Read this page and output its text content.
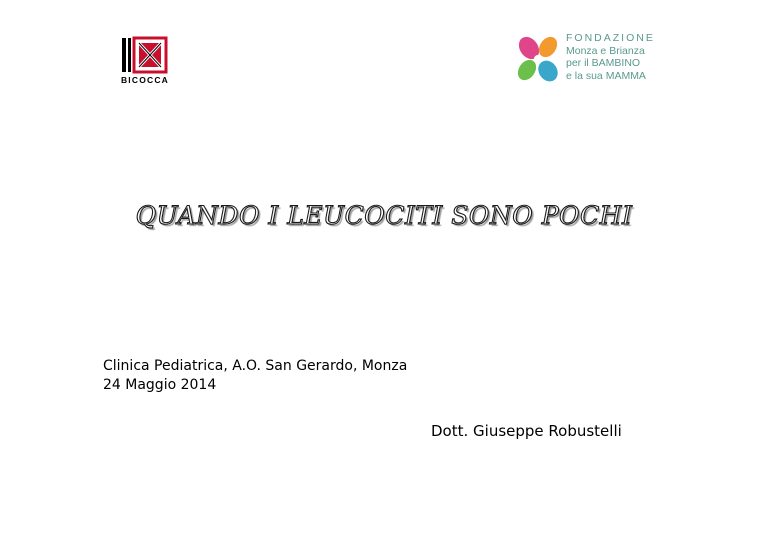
BICOCCA
FONDAZIONE
Monza e Brianza
per il BAMBINO
e la sua MAMMA
QUANDO I LEUCOCITI SONO POCHI
Clinica Pediatrica, A.O. San Gerardo, Monza
24 Maggio 2014
Dott. Giuseppe Robustelli
